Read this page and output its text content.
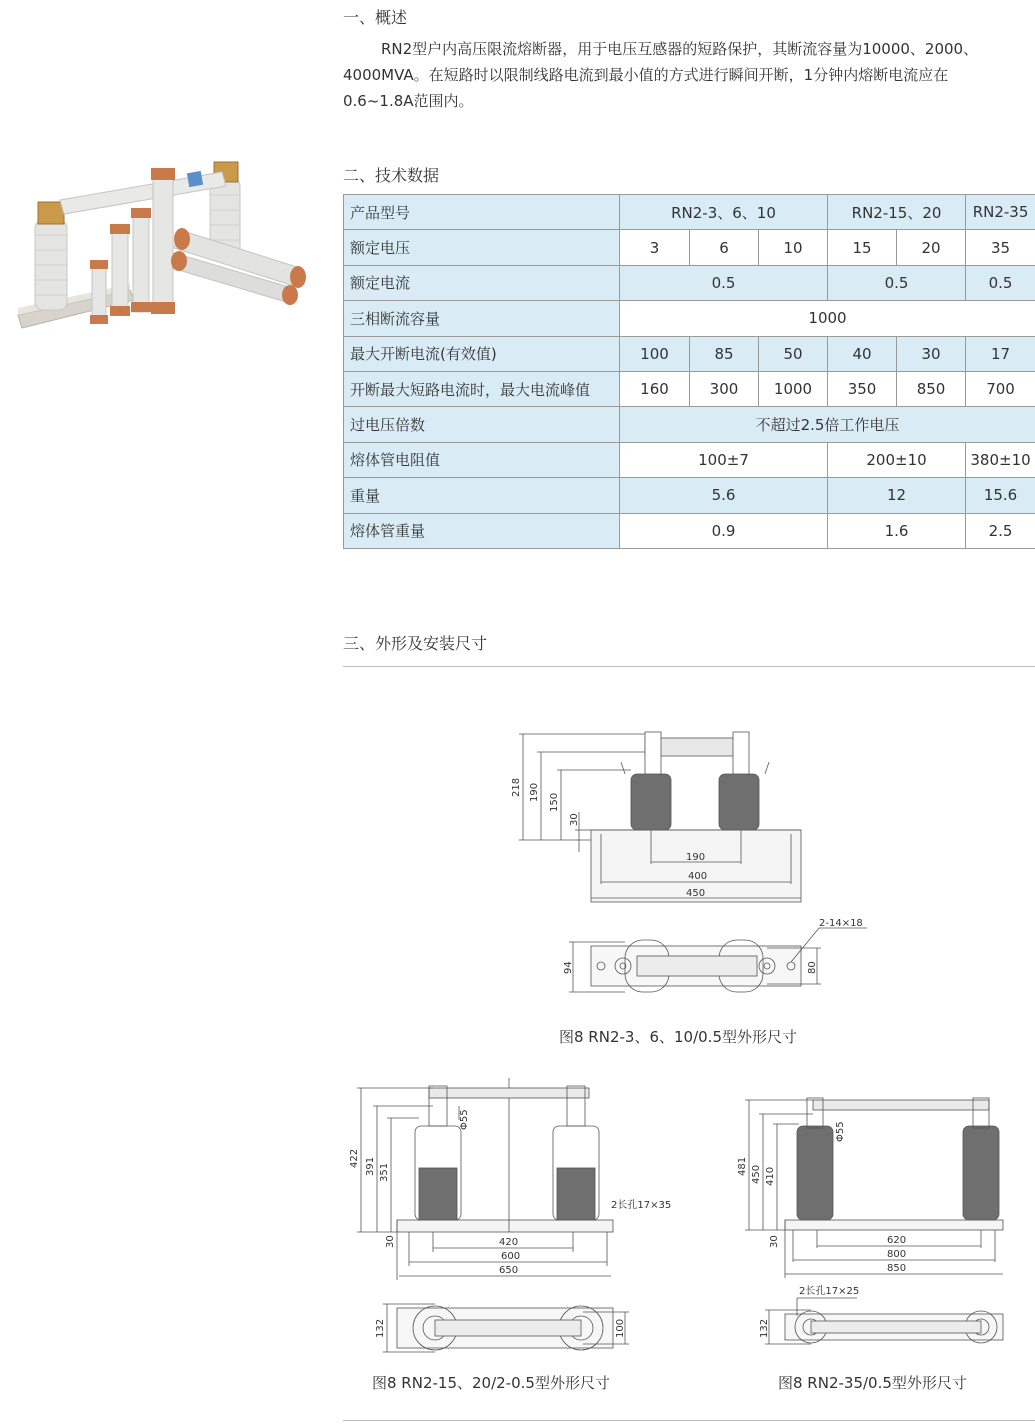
一、概述
RN2型户内高压限流熔断器，用于电压互感器的短路保护，其断流容量为10000、2000、
4000MVA。在短路时以限制线路电流到最小值的方式进行瞬间开断，1分钟内熔断电流应在
0.6~1.8A范围内。
二、技术数据
产品型号	RN2-3、6、10			RN2-15、20		RN2-35
额定电压	3	6	10	15	20	35
额定电流	0.5			0.5		0.5
三相断流容量	1000					
最大开断电流(有效值)	100	85	50	40	30	17
开断最大短路电流时，最大电流峰值	160	300	1000	350	850	700
过电压倍数	不超过2.5倍工作电压					
熔体管电阻值	100±7			200±10		380±10
重量	5.6			12		15.6
熔体管重量	0.9			1.6		2.5
三、外形及安装尺寸
218 190
150
30
190
400
450
2-14×18
94	80
图8 RN2-3、6、10/0.5型外形尺寸
422 391 351
30
Φ55
2长孔17×35
420
600
650
132	100
图8 RN2-15、20/2-0.5型外形尺寸
481 450 410
30
Φ55
620
800
850
2长孔17×25
132
图8 RN2-35/0.5型外形尺寸
